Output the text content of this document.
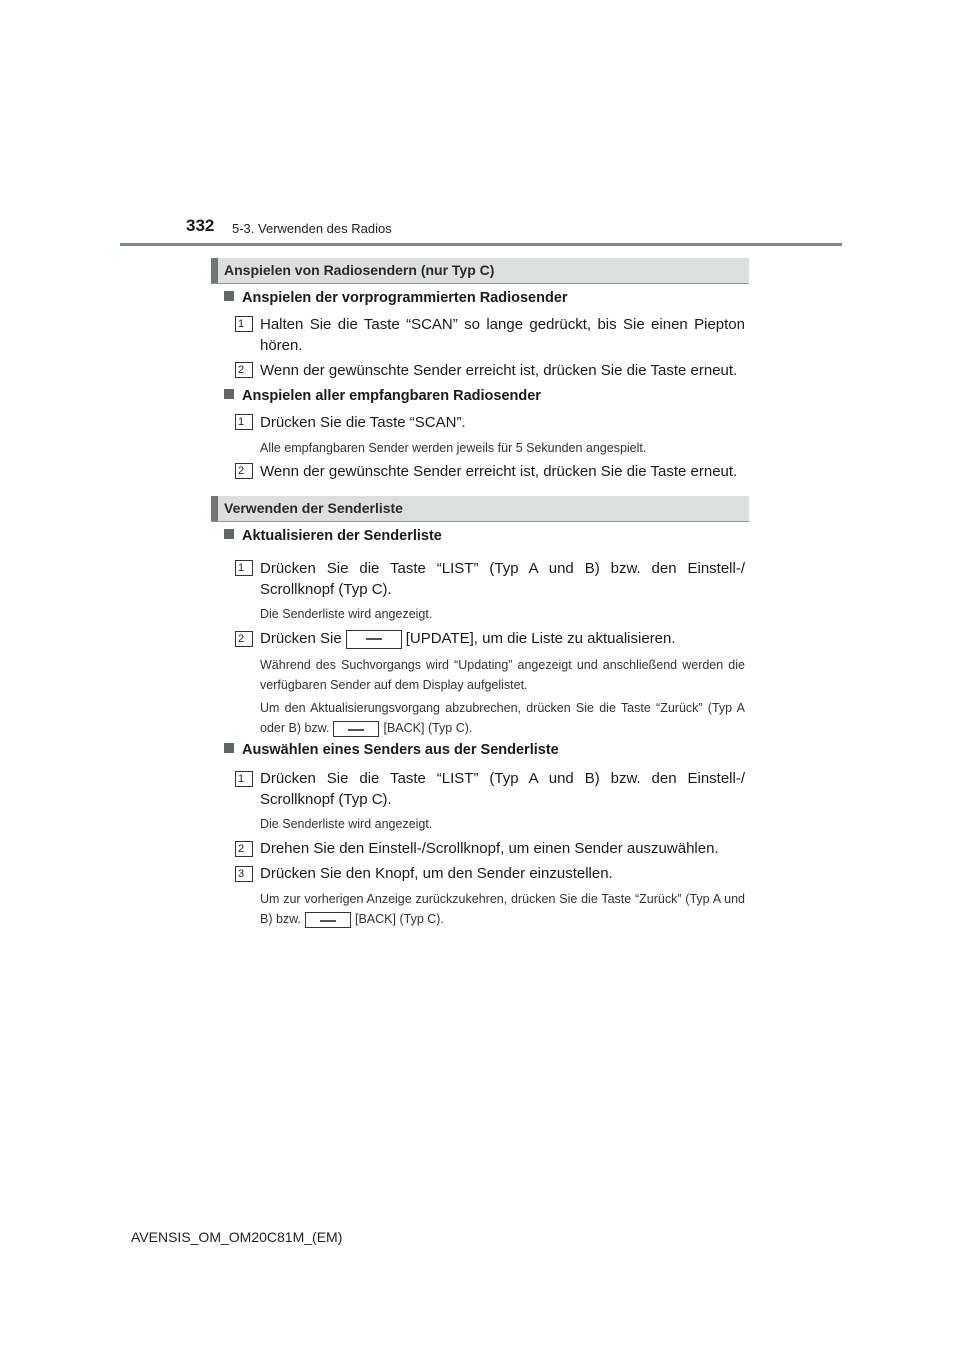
332 5-3. Verwenden des Radios
Anspielen von Radiosendern (nur Typ C)
Anspielen der vorprogrammierten Radiosender
1	Halten Sie die Taste “SCAN” so lange gedrückt, bis Sie einen Piepton hören.
2	Wenn der gewünschte Sender erreicht ist, drücken Sie die Taste erneut.
Anspielen aller empfangbaren Radiosender
1	Drücken Sie die Taste “SCAN”.
Alle empfangbaren Sender werden jeweils für 5 Sekunden angespielt.
2	Wenn der gewünschte Sender erreicht ist, drücken Sie die Taste erneut.
Verwenden der Senderliste
Aktualisieren der Senderliste
1	Drücken Sie die Taste “LIST” (Typ A und B) bzw. den Einstell-/ Scrollknopf (Typ C).
Die Senderliste wird angezeigt.
2	Drücken Sie	[UPDATE], um die Liste zu aktualisieren.
Während des Suchvorgangs wird “Updating” angezeigt und anschließend werden die verfügbaren Sender auf dem Display aufgelistet.
Um den Aktualisierungsvorgang abzubrechen, drücken Sie die Taste “Zurück” (Typ A oder B) bzw.	[BACK] (Typ C).
Auswählen eines Senders aus der Senderliste
1	Drücken Sie die Taste “LIST” (Typ A und B) bzw. den Einstell-/ Scrollknopf (Typ C).
Die Senderliste wird angezeigt.
2	Drehen Sie den Einstell-/Scrollknopf, um einen Sender auszuwählen.
3	Drücken Sie den Knopf, um den Sender einzustellen.
Um zur vorherigen Anzeige zurückzukehren, drücken Sie die Taste “Zurück” (Typ A und B) bzw.	[BACK] (Typ C).
AVENSIS_OM_OM20C81M_(EM)
